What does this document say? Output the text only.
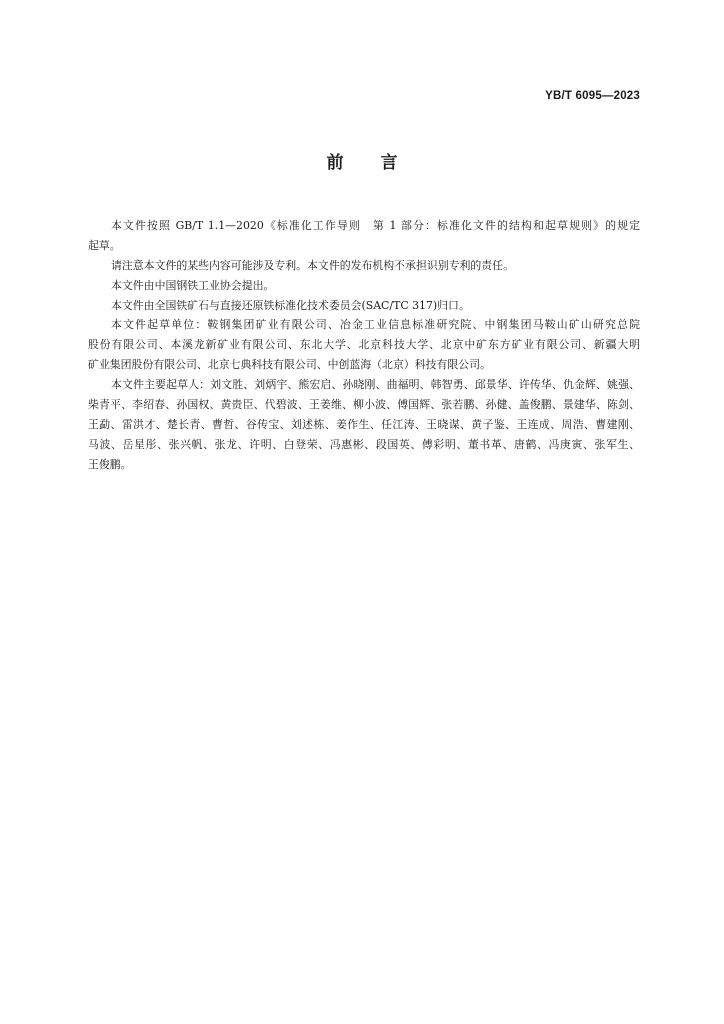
YB/T 6095—2023
前　言
本文件按照 GB/T 1.1—2020《标准化工作导则　第 1 部分：标准化文件的结构和起草规则》的规定
起草。
请注意本文件的某些内容可能涉及专利。本文件的发布机构不承担识别专利的责任。
本文件由中国钢铁工业协会提出。
本文件由全国铁矿石与直接还原铁标准化技术委员会(SAC/TC 317)归口。
本文件起草单位：鞍钢集团矿业有限公司、冶金工业信息标准研究院、中钢集团马鞍山矿山研究总院
股份有限公司、本溪龙新矿业有限公司、东北大学、北京科技大学、北京中矿东方矿业有限公司、新疆大明
矿业集团股份有限公司、北京七典科技有限公司、中创蓝海（北京）科技有限公司。
本文件主要起草人：刘文胜、刘炳宇、熊宏启、孙晓刚、曲福明、韩智勇、邱景华、许传华、仇金辉、姚强、
柴青平、李绍春、孙国权、黄贵臣、代碧波、王姜维、柳小波、傅国辉、张若鹏、孙健、盖俊鹏、景建华、陈剑、
王勐、雷洪才、楚长青、曹哲、谷传宝、刘述栋、姜作生、任江涛、王晓谋、黄子鉴、王连成、周浩、曹建刚、
马波、岳星彤、张兴帆、张龙、许明、白登荣、冯惠彬、段国英、傅彩明、董书革、唐鹤、冯庚寅、张军生、
王俊鹏。
